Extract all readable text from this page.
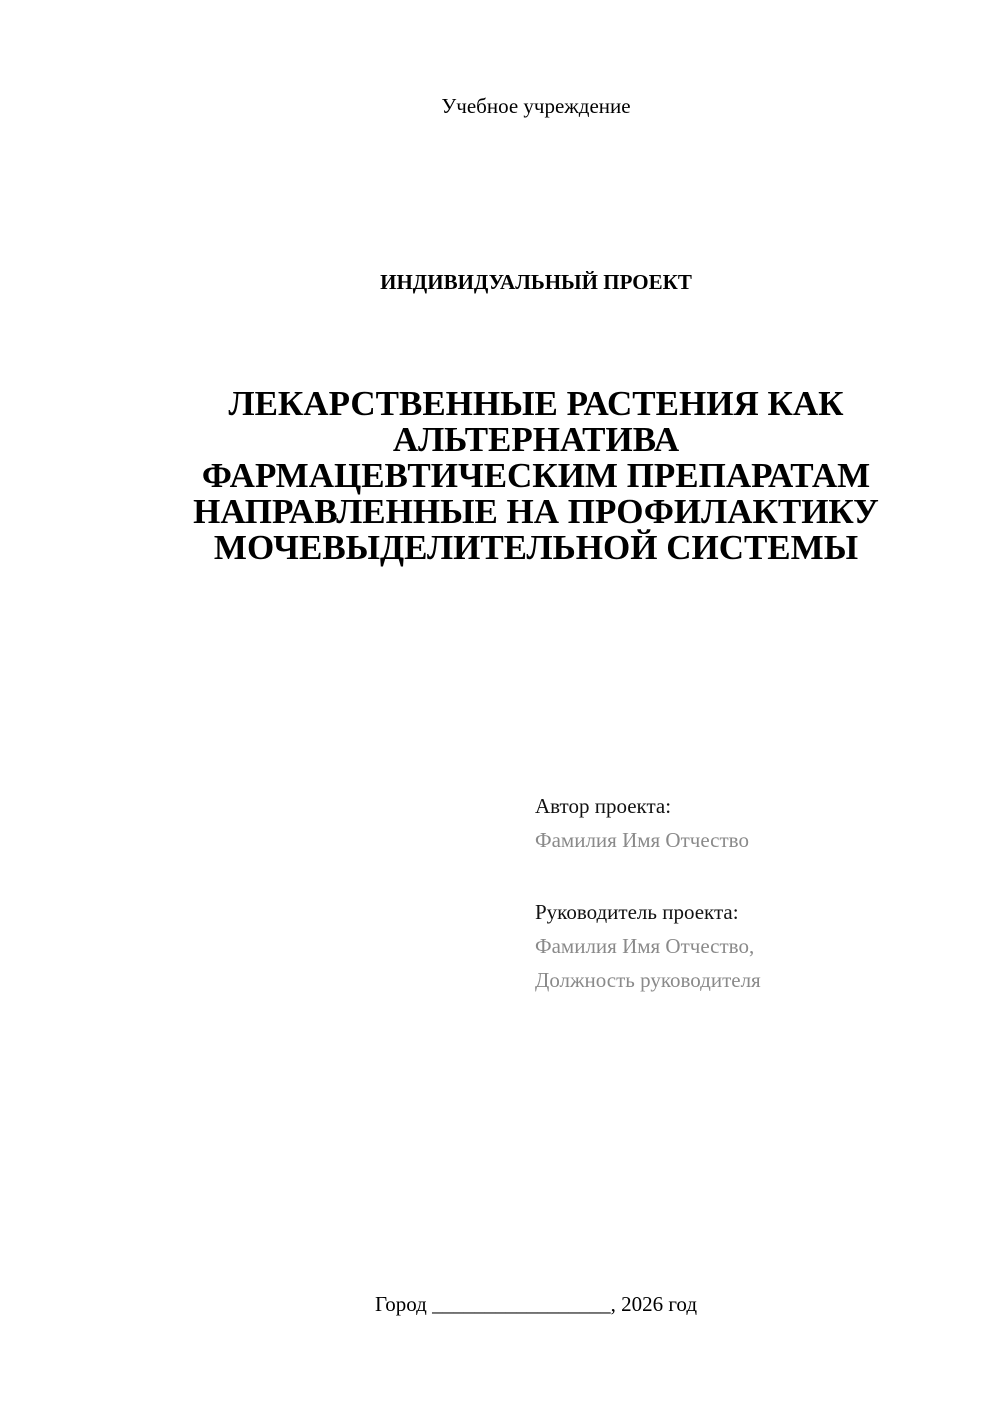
Учебное учреждение
ИНДИВИДУАЛЬНЫЙ ПРОЕКТ
ЛЕКАРСТВЕННЫЕ РАСТЕНИЯ КАК
АЛЬТЕРНАТИВА
ФАРМАЦЕВТИЧЕСКИМ ПРЕПАРАТАМ
НАПРАВЛЕННЫЕ НА ПРОФИЛАКТИКУ
МОЧЕВЫДЕЛИТЕЛЬНОЙ СИСТЕМЫ
Автор проекта:
Фамилия Имя Отчество
Руководитель проекта:
Фамилия Имя Отчество,
Должность руководителя
Город _________________, 2026 год
